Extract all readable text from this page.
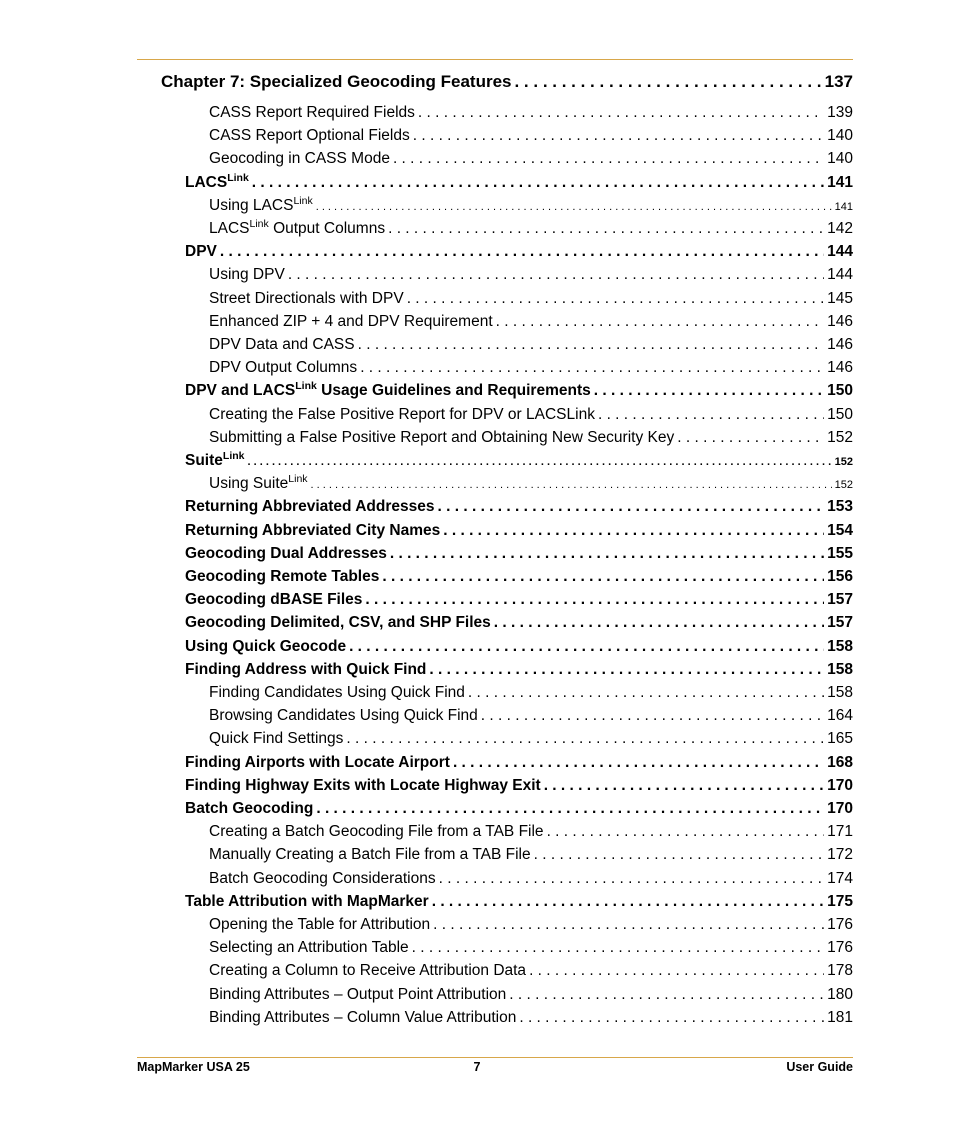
Chapter 7: Specialized Geocoding Features . . .	137
CASS Report Required Fields . . .	139
CASS Report Optional Fields . . .	140
Geocoding in CASS Mode . . .	140
$LACS^{Link}$ . . .	141
Using $LACS^{Link}$ . . .	141
$LACS^{Link}$ Output Columns . . .	142
DPV . . .	144
Using DPV . . .	144
Street Directionals with DPV . . .	145
Enhanced ZIP + 4 and DPV Requirement . . .	146
DPV Data and CASS . . .	146
DPV Output Columns . . .	146
DPV and $LACS^{Link}$ Usage Guidelines and Requirements . . .	150
Creating the False Positive Report for DPV or LACSLink . . .	150
Submitting a False Positive Report and Obtaining New Security Key . . .	152
Suite$^{Link}$ . . .	152
Using Suite$^{Link}$ . . .	152
Returning Abbreviated Addresses . . .	153
Returning Abbreviated City Names . . .	154
Geocoding Dual Addresses . . .	155
Geocoding Remote Tables . . .	156
Geocoding dBASE Files . . .	157
Geocoding Delimited, CSV, and SHP Files . . .	157
Using Quick Geocode . . .	158
Finding Address with Quick Find . . .	158
Finding Candidates Using Quick Find . . .	158
Browsing Candidates Using Quick Find . . .	164
Quick Find Settings . . .	165
Finding Airports with Locate Airport . . .	168
Finding Highway Exits with Locate Highway Exit . . .	170
Batch Geocoding . . .	170
Creating a Batch Geocoding File from a TAB File . . .	171
Manually Creating a Batch File from a TAB File . . .	172
Batch Geocoding Considerations . . .	174
Table Attribution with MapMarker . . .	175
Opening the Table for Attribution . . .	176
Selecting an Attribution Table . . .	176
Creating a Column to Receive Attribution Data . . .	178
Binding Attributes – Output Point Attribution . . .	180
Binding Attributes – Column Value Attribution . . .	181
MapMarker USA 25	7	User Guide
